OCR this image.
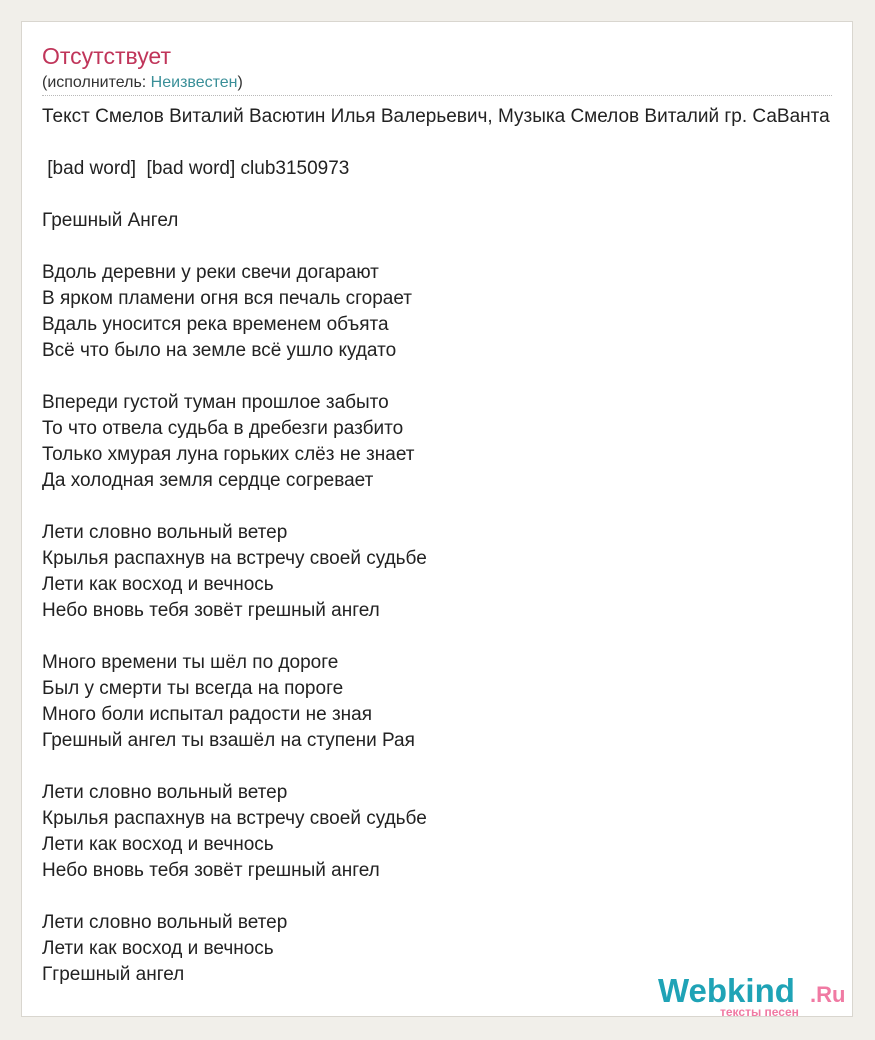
Отсутствует
(исполнитель: Неизвестен)
Текст Смелов Виталий Васютин Илья Валерьевич, Музыка Смелов Виталий гр. СаВанта
[bad word]  [bad word] club3150973
Грешный Ангел
Вдоль деревни у реки свечи догарают
В ярком пламени огня вся печаль сгорает
Вдаль уносится река временем объята
Всё что было на земле всё ушло кудато
Впереди густой туман прошлое забыто
То что отвела судьба в дребезги разбито
Только хмурая луна горьких слёз не знает
Да холодная земля сердце согревает
Лети словно вольный ветер
Крылья распахнув на встречу своей судьбе
Лети как восход и вечнось
Небо вновь тебя зовёт грешный ангел
Много времени ты шёл по дороге
Был у смерти ты всегда на пороге
Много боли испытал радости не зная
Грешный ангел ты взашёл на ступени Рая
Лети словно вольный ветер
Крылья распахнув на встречу своей судьбе
Лети как восход и вечнось
Небо вновь тебя зовёт грешный ангел
Лети словно вольный ветер
Лети как восход и вечнось
Ггрешный ангел	Webkind .Ru
тексты песен
